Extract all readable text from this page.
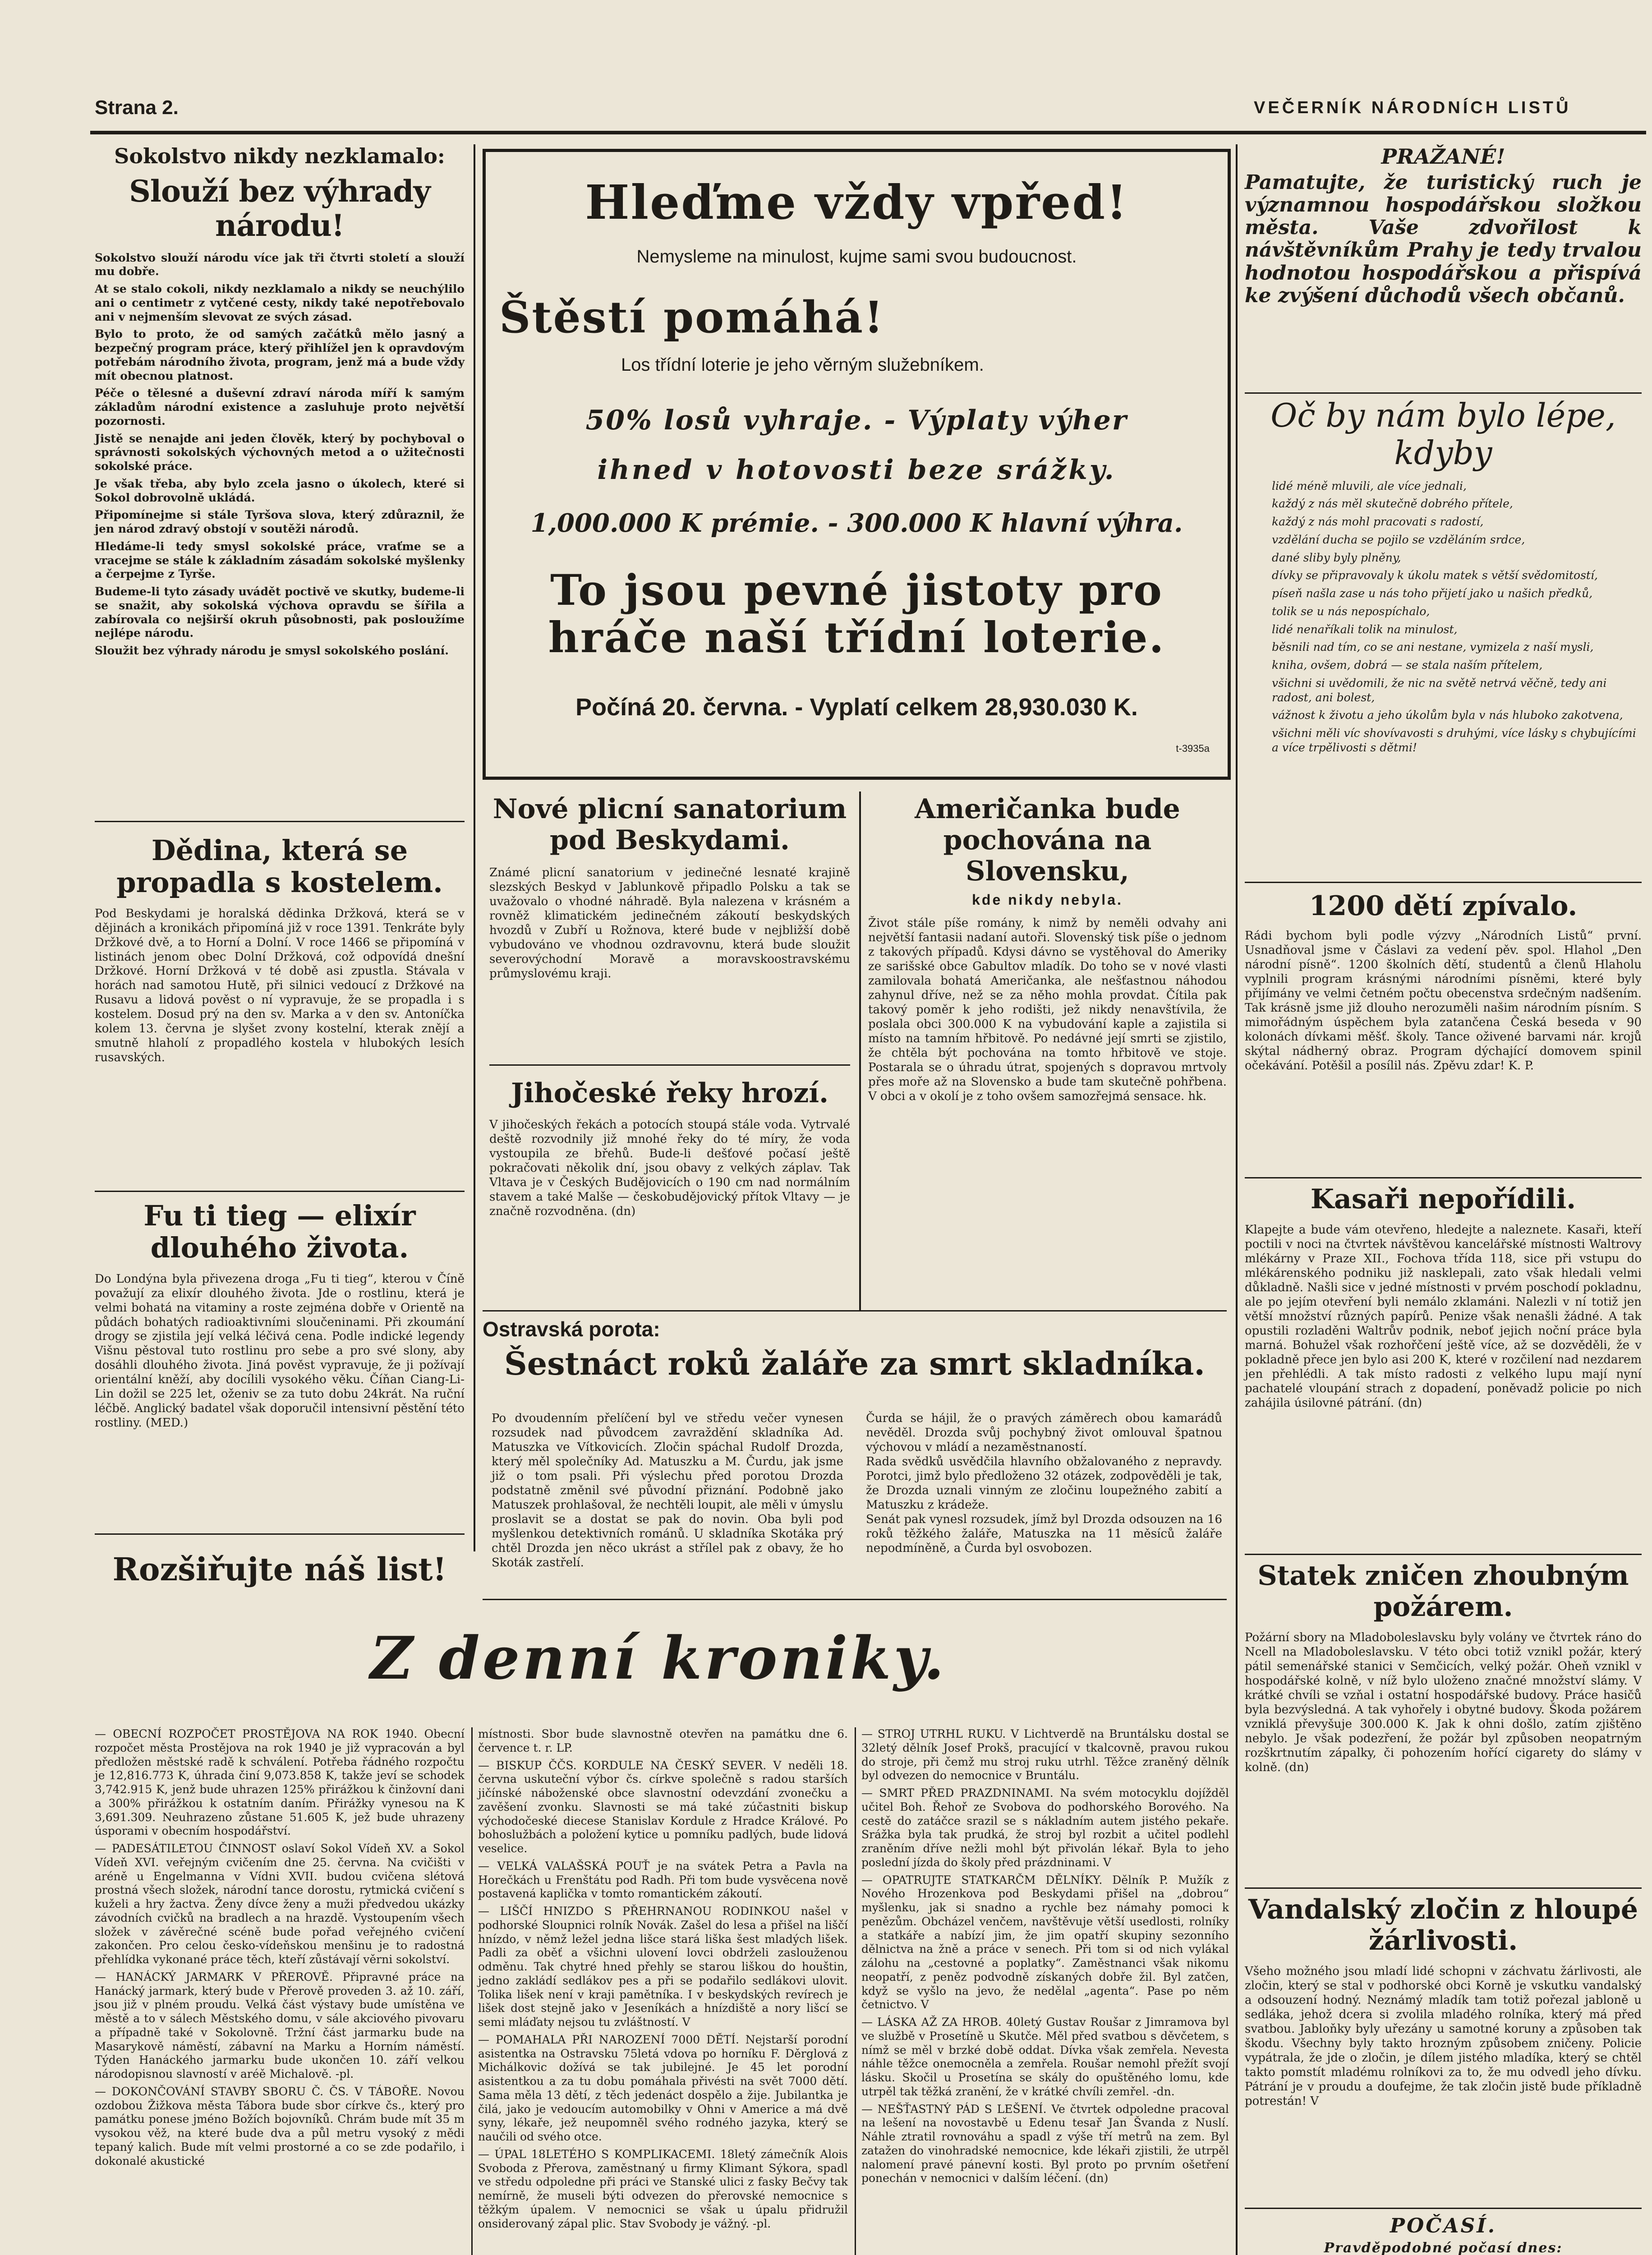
Strana 2.	VEČERNÍK NÁRODNÍCH LISTŮ
Sokolstvo nikdy nezklamalo:
Slouží bez výhrady národu!

Sokolstvo slouží národu více jak tři čtvrti století a slouží mu dobře.

At se stalo cokoli, nikdy nezklamalo a nikdy se neuchýlilo ani o centimetr z vytčené cesty, nikdy také nepotřebovalo ani v nejmenším slevovat ze svých zásad.

Bylo to proto, že od samých začátků mělo jasný a bezpečný program práce, který přihlížel jen k opravdovým potřebám národního života, program, jenž má a bude vždy mít obecnou platnost.

Péče o tělesné a duševní zdraví národa míří k samým základům národní existence a zasluhuje proto největší pozornosti.

Jistě se nenajde ani jeden člověk, který by pochyboval o správnosti sokolských výchovných metod a o užitečnosti sokolské práce.

Je však třeba, aby bylo zcela jasno o úkolech, které si Sokol dobrovolně ukládá.

Připomínejme si stále Tyršova slova, který zdůraznil, že jen národ zdravý obstojí v soutěži národů.

Hledáme-li tedy smysl sokolské práce, vraťme se a vracejme se stále k základním zásadám sokolské myšlenky a čerpejme z Tyrše.

Budeme-li tyto zásady uvádět poctivě ve skutky, budeme-li se snažit, aby sokolská výchova opravdu se šířila a zabírovala co nejširší okruh působnosti, pak posloužíme nejlépe národu.

Sloužit bez výhrady národu je smysl sokolského poslání.

Dědina, která se propadla s kostelem.
Pod Beskydami je horalská dědinka Držková, která se v dějinách a kronikách připomíná již v roce 1391. Tenkráte byly Držkové dvě, a to Horní a Dolní. V roce 1466 se připomíná v listinách jenom obec Dolní Držková, což odpovídá dnešní Držkové. Horní Držková v té době asi zpustla. Stávala v horách nad samotou Hutě, při silnici vedoucí z Držkové na Rusavu a lidová pověst o ní vypravuje, že se propadla i s kostelem. Dosud prý na den sv. Marka a v den sv. Antoníčka kolem 13. června je slyšet zvony kostelní, kterak znějí a smutně hlaholí z propadlého kostela v hlubokých lesích rusavských.
Fu ti tieg — elixír dlouhého života.
Do Londýna byla přivezena droga „Fu ti tieg“, kterou v Číně považují za elixír dlouhého života. Jde o rostlinu, která je velmi bohatá na vitaminy a roste zejména dobře v Orientě na půdách bohatých radioaktivními sloučeninami. Při zkoumání drogy se zjistila její velká léčivá cena. Podle indické legendy Višnu pěstoval tuto rostlinu pro sebe a pro své slony, aby dosáhli dlouhého života. Jiná pověst vypravuje, že ji požívají orientální kněží, aby docílili vysokého věku. Číňan Ciang-Li-Lin dožil se 225 let, oženiv se za tuto dobu 24krát. Na ruční léčbě. Anglický badatel však doporučil intensivní pěstění této rostliny. (MED.)
Rozšiřujte náš list!
Hleďme vždy vpřed!
Nemysleme na minulost, kujme sami svou budoucnost.
Štěstí pomáhá!
Los třídní loterie je jeho věrným služebníkem.
50% losů vyhraje. - Výplaty výher
ihned v hotovosti beze srážky.
1,000.000 K prémie. - 300.000 K hlavní výhra.
To jsou pevné jistoty pro hráče naší třídní loterie.
Počíná 20. června. - Vyplatí celkem 28,930.030 K.
t-3935a
Nové plicní sanatorium pod Beskydami.
Známé plicní sanatorium v jedinečné lesnaté krajině slezských Beskyd v Jablunkově připadlo Polsku a tak se uvažovalo o vhodné náhradě. Byla nalezena v krásném a rovněž klimatickém jedinečném zákoutí beskydských hvozdů v Zubří u Rožnova, které bude v nejbližší době vybudováno ve vhodnou ozdravovnu, která bude sloužit severovýchodní Moravě a moravskoostravskému průmyslovému kraji.
Jihočeské řeky hrozí.
V jihočeských řekách a potocích stoupá stále voda. Vytrvalé deště rozvodnily již mnohé řeky do té míry, že voda vystoupila ze břehů. Bude-li dešťové počasí ještě pokračovati několik dní, jsou obavy z velkých záplav. Tak Vltava je v Českých Budějovicích o 190 cm nad normálním stavem a také Malše — českobudějovický přítok Vltavy — je značně rozvodněna. (dn)
Američanka bude pochována na Slovensku,
kde nikdy nebyla.
Život stále píše romány, k nimž by neměli odvahy ani největší fantasii nadaní autoři. Slovenský tisk píše o jednom z takových případů. Kdysi dávno se vystěhoval do Ameriky ze sarišské obce Gabultov mladík. Do toho se v nové vlasti zamilovala bohatá Američanka, ale nešťastnou náhodou zahynul dříve, než se za něho mohla provdat. Čítila pak takový poměr k jeho rodišti, jež nikdy nenavštívila, že poslala obci 300.000 K na vybudování kaple a zajistila si místo na tamním hřbitově. Po nedávné její smrti se zjistilo, že chtěla být pochována na tomto hřbitově ve stoje. Postarala se o úhradu útrat, spojených s dopravou mrtvoly přes moře až na Slovensko a bude tam skutečně pohřbena. V obci a v okolí je z toho ovšem samozřejmá sensace. hk.
Ostravská porota:
Šestnáct roků žaláře za smrt skladníka.
Po dvoudenním přelíčení byl ve středu večer vynesen rozsudek nad původcem zavraždění skladníka Ad. Matuszka ve Vítkovicích. Zločin spáchal Rudolf Drozda, který měl společníky Ad. Matuszku a M. Čurdu, jak jsme již o tom psali. Při výslechu před porotou Drozda podstatně změnil své původní přiznání. Podobně jako Matuszek prohlašoval, že nechtěli loupit, ale měli v úmyslu proslavit se a dostat se pak do novin. Oba byli pod myšlenkou detektivních románů. U skladníka Skotáka prý chtěl Drozda jen něco ukrást a střílel pak z obavy, že ho Skoták zastřelí.
Čurda se hájil, že o pravých záměrech obou kamarádů nevěděl. Drozda svůj pochybný život omlouval špatnou výchovou v mládí a nezaměstnaností.
Rada svědků usvědčila hlavního obžalovaného z nepravdy. Porotci, jimž bylo předloženo 32 otázek, zodpověděli je tak, že Drozda uznali vinným ze zločinu loupežného zabití a Matuszku z krádeže.
Senát pak vynesl rozsudek, jímž byl Drozda odsouzen na 16 roků těžkého žaláře, Matuszka na 11 měsíců žaláře nepodmíněně, a Čurda byl osvobozen.
PRAŽANÉ!
Pamatujte, že turistický ruch je významnou hospodářskou složkou města. Vaše zdvořilost k návštěvníkům Prahy je tedy trvalou hodnotou hospodářskou a přispívá ke zvýšení důchodů všech občanů.
Oč by nám bylo lépe, kdyby

lidé méně mluvili, ale více jednali,

každý z nás měl skutečně dobrého přítele,

každý z nás mohl pracovati s radostí,

vzdělání ducha se pojilo se vzděláním srdce,

dané sliby byly plněny,

dívky se připravovaly k úkolu matek s větší svědomitostí,

píseň našla zase u nás toho přijetí jako u našich předků,

tolik se u nás nepospíchalo,

lidé nenaříkali tolik na minulost,

běsnili nad tím, co se ani nestane, vymizela z naší mysli,

kniha, ovšem, dobrá — se stala naším přítelem,

všichni si uvědomili, že nic na světě netrvá věčně, tedy ani radost, ani bolest,

vážnost k životu a jeho úkolům byla v nás hluboko zakotvena,

všichni měli víc shovívavosti s druhými, více lásky s chybujícími a více trpělivosti s dětmi!

1200 dětí zpívalo.
Rádi bychom byli podle výzvy „Národních Listů“ první. Usnadňoval jsme v Čáslavi za vedení pěv. spol. Hlahol „Den národní písně“. 1200 školních dětí, studentů a členů Hlaholu vyplnili program krásnými národními písněmi, které byly přijímány ve velmi četném počtu obecenstva srdečným nadšením. Tak krásně jsme již dlouho nerozuměli našim národním písním. S mimořádným úspěchem byla zatančena Česká beseda v 90 kolonách dívkami měšť. školy. Tance oživené barvami nár. krojů skýtal nádherný obraz. Program dýchající domovem spinil očekávání. Potěšil a posílil nás. Zpěvu zdar! K. P.
Kasaři nepořídili.
Klapejte a bude vám otevřeno, hledejte a naleznete. Kasaři, kteří poctili v noci na čtvrtek návštěvou kancelářské místnosti Waltrovy mlékárny v Praze XII., Fochova třída 118, sice při vstupu do mlékárenského podniku již nasklepali, zato však hledali velmi důkladně. Našli sice v jedné místnosti v prvém poschodí pokladnu, ale po jejím otevření byli nemálo zklamáni. Nalezli v ní totiž jen větší množství různých papírů. Penize však nenašli žádné. A tak opustili rozladěni Waltrův podnik, neboť jejich noční práce byla marná. Bohužel však rozhořčení ještě více, až se dozvěděli, že v pokladně přece jen bylo asi 200 K, které v rozčilení nad nezdarem jen přehlédli. A tak místo radosti z velkého lupu mají nyní pachatelé vloupání strach z dopadení, poněvadž policie po nich zahájila úsilovné pátrání. (dn)
Statek zničen zhoubným požárem.
Požární sbory na Mladoboleslavsku byly volány ve čtvrtek ráno do Ncell na Mladoboleslavsku. V této obci totiž vznikl požár, který pátil semenářské stanici v Semčicích, velký požár. Oheň vznikl v hospodářské kolně, v níž bylo uloženo značné množství slámy. V krátké chvíli se vzňal i ostatní hospodářské budovy. Práce hasičů byla bezvýsledná. A tak vyhořely i obytné budovy. Škoda požárem vzniklá převyšuje 300.000 K. Jak k ohni došlo, zatím zjištěno nebylo. Je však podezření, že požár byl způsoben neopatrným rozškrtnutím zápalky, či pohozením hořící cigarety do slámy v kolně. (dn)
Vandalský zločin z hloupé žárlivosti.
Všeho možného jsou mladí lidé schopni v záchvatu žárlivosti, ale zločin, který se stal v podhorské obci Korně je vskutku vandalský a odsouzení hodný. Neznámý mladík tam totiž pořezal jabloně u sedláka, jehož dcera si zvolila mladého rolníka, který má před svatbou. Jabloňky byly uřezány u samotné koruny a způsoben tak škodu. Všechny byly takto hrozným způsobem zničeny. Policie vypátrala, že jde o zločin, je dílem jistého mladíka, který se chtěl takto pomstít mladému rolníkovi za to, že mu odvedl jeho dívku. Pátrání je v proudu a doufejme, že tak zločin jistě bude příkladně potrestán! V
POČASÍ.
Pravděpodobné počasí dnes:
Z denní kroniky.

— OBECNÍ ROZPOČET PROSTĚJOVA NA ROK 1940. Obecní rozpočet města Prostějova na rok 1940 je již vypracován a byl předložen městské radě k schválení. Potřeba řádného rozpočtu je 12,816.773 K, úhrada činí 9,073.858 K, takže jeví se schodek 3,742.915 K, jenž bude uhrazen 125% přirážkou k činžovní dani a 300% přirážkou k ostatním daním. Přirážky vynesou na K 3,691.309. Neuhrazeno zůstane 51.605 K, jež bude uhrazeny úsporami v obecním hospodářství.

— PADESÁTILETOU ČINNOST oslaví Sokol Vídeň XV. a Sokol Vídeň XVI. veřejným cvičením dne 25. června. Na cvičišti v aréně u Engelmanna v Vídni XVII. budou cvičena slétová prostná všech složek, národní tance dorostu, rytmická cvičení s kuželi a hry žactva. Ženy dívce ženy a muži předvedou ukázky závodních cvičků na bradlech a na hrazdě. Vystoupením všech složek v závěrečné scéně bude pořad veřejného cvičení zakončen. Pro celou česko-vídeňskou menšinu je to radostná přehlídka vykonané práce těch, kteří zůstávají věrni sokolství.

— HANÁCKÝ JARMARK V PŘEROVĚ. Připravné práce na Hanácký jarmark, který bude v Přerově proveden 3. až 10. září, jsou již v plném proudu. Velká část výstavy bude umístěna ve městě a to v sálech Městského domu, v sále akciového pivovaru a případně také v Sokolovně. Tržní část jarmarku bude na Masarykově náměstí, zábavní na Marku a Horním náměstí. Týden Hanáckého jarmarku bude ukončen 10. září velkou národopisnou slavností v aréě Michalově. -pl.

— DOKONČOVÁNÍ STAVBY SBORU Č. ČS. V TÁBOŘE. Novou ozdobou Žižkova města Tábora bude sbor církve čs., který pro památku ponese jméno Božích bojovníků. Chrám bude mít 35 m vysokou věž, na které bude dva a půl metru vysoký z mědi tepaný kalich. Bude mít velmi prostorné a co se zde podařilo, i dokonalé akustické

místnosti. Sbor bude slavnostně otevřen na památku dne 6. července t. r. LP.

— BISKUP ČČS. KORDULE NA ČESKÝ SEVER. V neděli 18. června uskuteční výbor čs. církve společně s radou starších jičínské náboženské obce slavnostní odevzdání zvonečku a zavěšení zvonku. Slavnosti se má také zúčastniti biskup východočeské diecese Stanislav Kordule z Hradce Králové. Po bohoslužbách a položení kytice u pomníku padlých, bude lidová veselice.

— VELKÁ VALAŠSKÁ POUŤ je na svátek Petra a Pavla na Horečkách u Frenštátu pod Radh. Při tom bude vysvěcena nově postavená kaplička v tomto romantickém zákoutí.

— LIŠČÍ HNIZDO S PŘEHRNANOU RODINKOU našel v podhorské Sloupnici rolník Novák. Zašel do lesa a přišel na liščí hnízdo, v němž ležel jedna lišce stará liška šest mladých lišek. Padli za oběť a všichni ulovení lovci obdrželi zaslouženou odměnu. Tak chytré hned přehly se starou liškou do houštin, jedno zakládí sedlákov pes a při se podařilo sedlákovi ulovit. Tolika lišek není v kraji pamětníka. I v beskydských revírech je lišek dost stejně jako v Jeseníkách a hnízdiště a nory lišcí se semi mláďaty nejsou tu zvláštností. V

— POMAHALA PŘI NAROZENÍ 7000 DĚTÍ. Nejstarší porodní asistentka na Ostravsku 75letá vdova po horníku F. Děrglová z Michálkovic dožívá se tak jubilejné. Je 45 let porodní asistentkou a za tu dobu pomáhala přivésti na svět 7000 dětí. Sama měla 13 dětí, z těch jedenáct dospělo a žije. Jubilantka je čilá, jako je vedoucím automobilky v Ohni v Americe a má dvě syny, lékaře, jež neupomněl svého rodného jazyka, který se naučili od svého otce.

— ÚPAL 18LETÉHO S KOMPLIKACEMI. 18letý zámečník Alois Svoboda z Přerova, zaměstnaný u firmy Klimant Sýkora, spadl ve středu odpoledne při práci ve Stanské ulici z fasky Bečvy tak nemírně, že museli býti odvezen do přerovské nemocnice s těžkým úpalem. V nemocnici se však u úpalu přidružil onsiderovaný zápal plic. Stav Svobody je vážný. -pl.

— STROJ UTRHL RUKU. V Lichtverdě na Bruntálsku dostal se 32letý dělník Josef Prokš, pracující v tkalcovně, pravou rukou do stroje, při čemž mu stroj ruku utrhl. Těžce zraněný dělník byl odvezen do nemocnice v Bruntálu.

— SMRT PŘED PRAZDNINAMI. Na svém motocyklu dojížděl učitel Boh. Řehoř ze Svobova do podhorského Borového. Na cestě do zatáčce srazil se s nákladním autem jistého pekaře. Srážka byla tak prudká, že stroj byl rozbit a učitel podlehl zraněním dříve nežli mohl být přivolán lékař. Byla to jeho poslední jízda do školy před prázdninami. V

— OPATRUJTE STATKARČM DĚLNÍKY. Dělník P. Mužík z Nového Hrozenkova pod Beskydami přišel na „dobrou“ myšlenku, jak si snadno a rychle bez námahy pomoci k penězům. Obcházel venčem, navštěvuje větší usedlosti, rolníky a statkáře a nabízí jim, že jim opatří skupiny sezonního dělnictva na žně a práce v senech. Při tom si od nich vylákal zálohu na „cestovné a poplatky“. Zaměstnanci však nikomu neopatří, z peněz podvodně získaných dobře žil. Byl zatčen, když se vyšlo na jevo, že nedělal „agenta“. Pase po něm četnictvo. V

— LÁSKA AŽ ZA HROB. 40letý Gustav Roušar z Jimramova byl ve službě v Prosetíně u Skutče. Měl před svatbou s děvčetem, s nímž se měl v brzké době oddat. Dívka však zemřela. Nevesta náhle těžce onemocněla a zemřela. Roušar nemohl přežít svojí lásku. Skočil u Prosetína se skály do opuštěného lomu, kde utrpěl tak těžká zranění, že v krátké chvíli zemřel. -dn.

— NEŠŤASTNÝ PÁD S LEŠENÍ. Ve čtvrtek odpoledne pracoval na lešení na novostavbě u Edenu tesař Jan Švanda z Nuslí. Náhle ztratil rovnováhu a spadl z výše tří metrů na zem. Byl zatažen do vinohradské nemocnice, kde lékaři zjistili, že utrpěl nalomení pravé pánevní kosti. Byl proto po prvním ošetření ponechán v nemocnici v dalším léčení. (dn)
